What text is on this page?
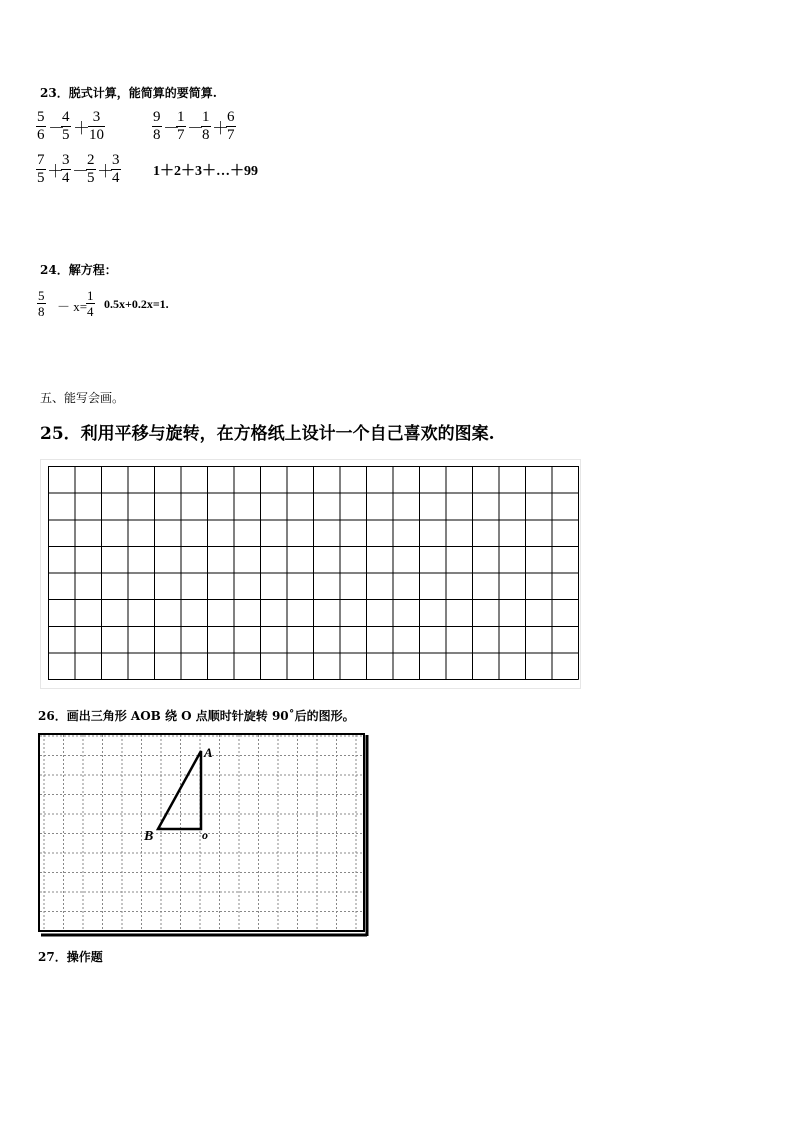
23．脱式计算，能简算的要简算.
$\frac{5}{6}$ －
$\frac{4}{5}$ ＋
$\frac{3}{10}$	$\frac{9}{8}$ －
$\frac{1}{7}$ －
$\frac{1}{8}$ ＋
$\frac{6}{7}$
$\frac{7}{5}$ ＋
$\frac{3}{4}$ －
$\frac{2}{5}$ ＋
$\frac{3}{4}$ 1＋2＋3＋…＋99
24．解方程：
$\frac{5}{8} - x=$
$\frac{1}{4} 0.5x+0.2x=1$.
五、能写会画。
25．利用平移与旋转，在方格纸上设计一个自己喜欢的图案.
26．画出三角形 AOB 绕 O 点顺时针旋转 90˚后的图形。
A
B	o
27．操作题
